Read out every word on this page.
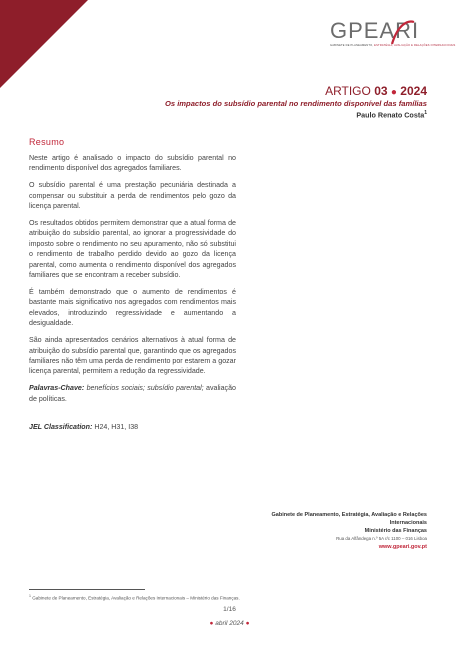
GPEARI
GABINETE DE PLANEAMENTO, ESTRATÉGIA, AVALIAÇÃO E RELAÇÕES INTERNACIONAIS
ARTIGO 03 ● 2024
Os impactos do subsídio parental no rendimento disponível das famílias
Paulo Renato Costa$^1$
Resumo

Neste artigo é analisado o impacto do subsídio parental no rendimento disponível dos agregados familiares.

O subsídio parental é uma prestação pecuniária destinada a compensar ou substituir a perda de rendimentos pelo gozo da licença parental.

Os resultados obtidos permitem demonstrar que a atual forma de atribuição do subsídio parental, ao ignorar a progressividade do imposto sobre o rendimento no seu apuramento, não só substitui o rendimento de trabalho perdido devido ao gozo da licença parental, como aumenta o rendimento disponível dos agregados familiares que se encontram a receber subsídio.

É também demonstrado que o aumento de rendimentos é bastante mais significativo nos agregados com rendimentos mais elevados, introduzindo regressividade e aumentando a desigualdade.

São ainda apresentados cenários alternativos à atual forma de atribuição do subsídio parental que, garantindo que os agregados familiares não têm uma perda de rendimento por estarem a gozar licença parental, permitem a redução da regressividade.

Palavras-Chave: benefícios sociais; subsídio parental; avaliação de políticas.
JEL Classification: H24, H31, I38
Gabinete de Planeamento, Estratégia, Avaliação e Relações
Internacionais
Ministério das Finanças
Rua da Alfândega n.º 5A r/c 1100 – 016 Lisboa
www.gpeari.gov.pt
$^1$ Gabinete de Planeamento, Estratégia, Avaliação e Relações Internacionais – Ministério das Finanças.
1/16
● abril 2024 ●
